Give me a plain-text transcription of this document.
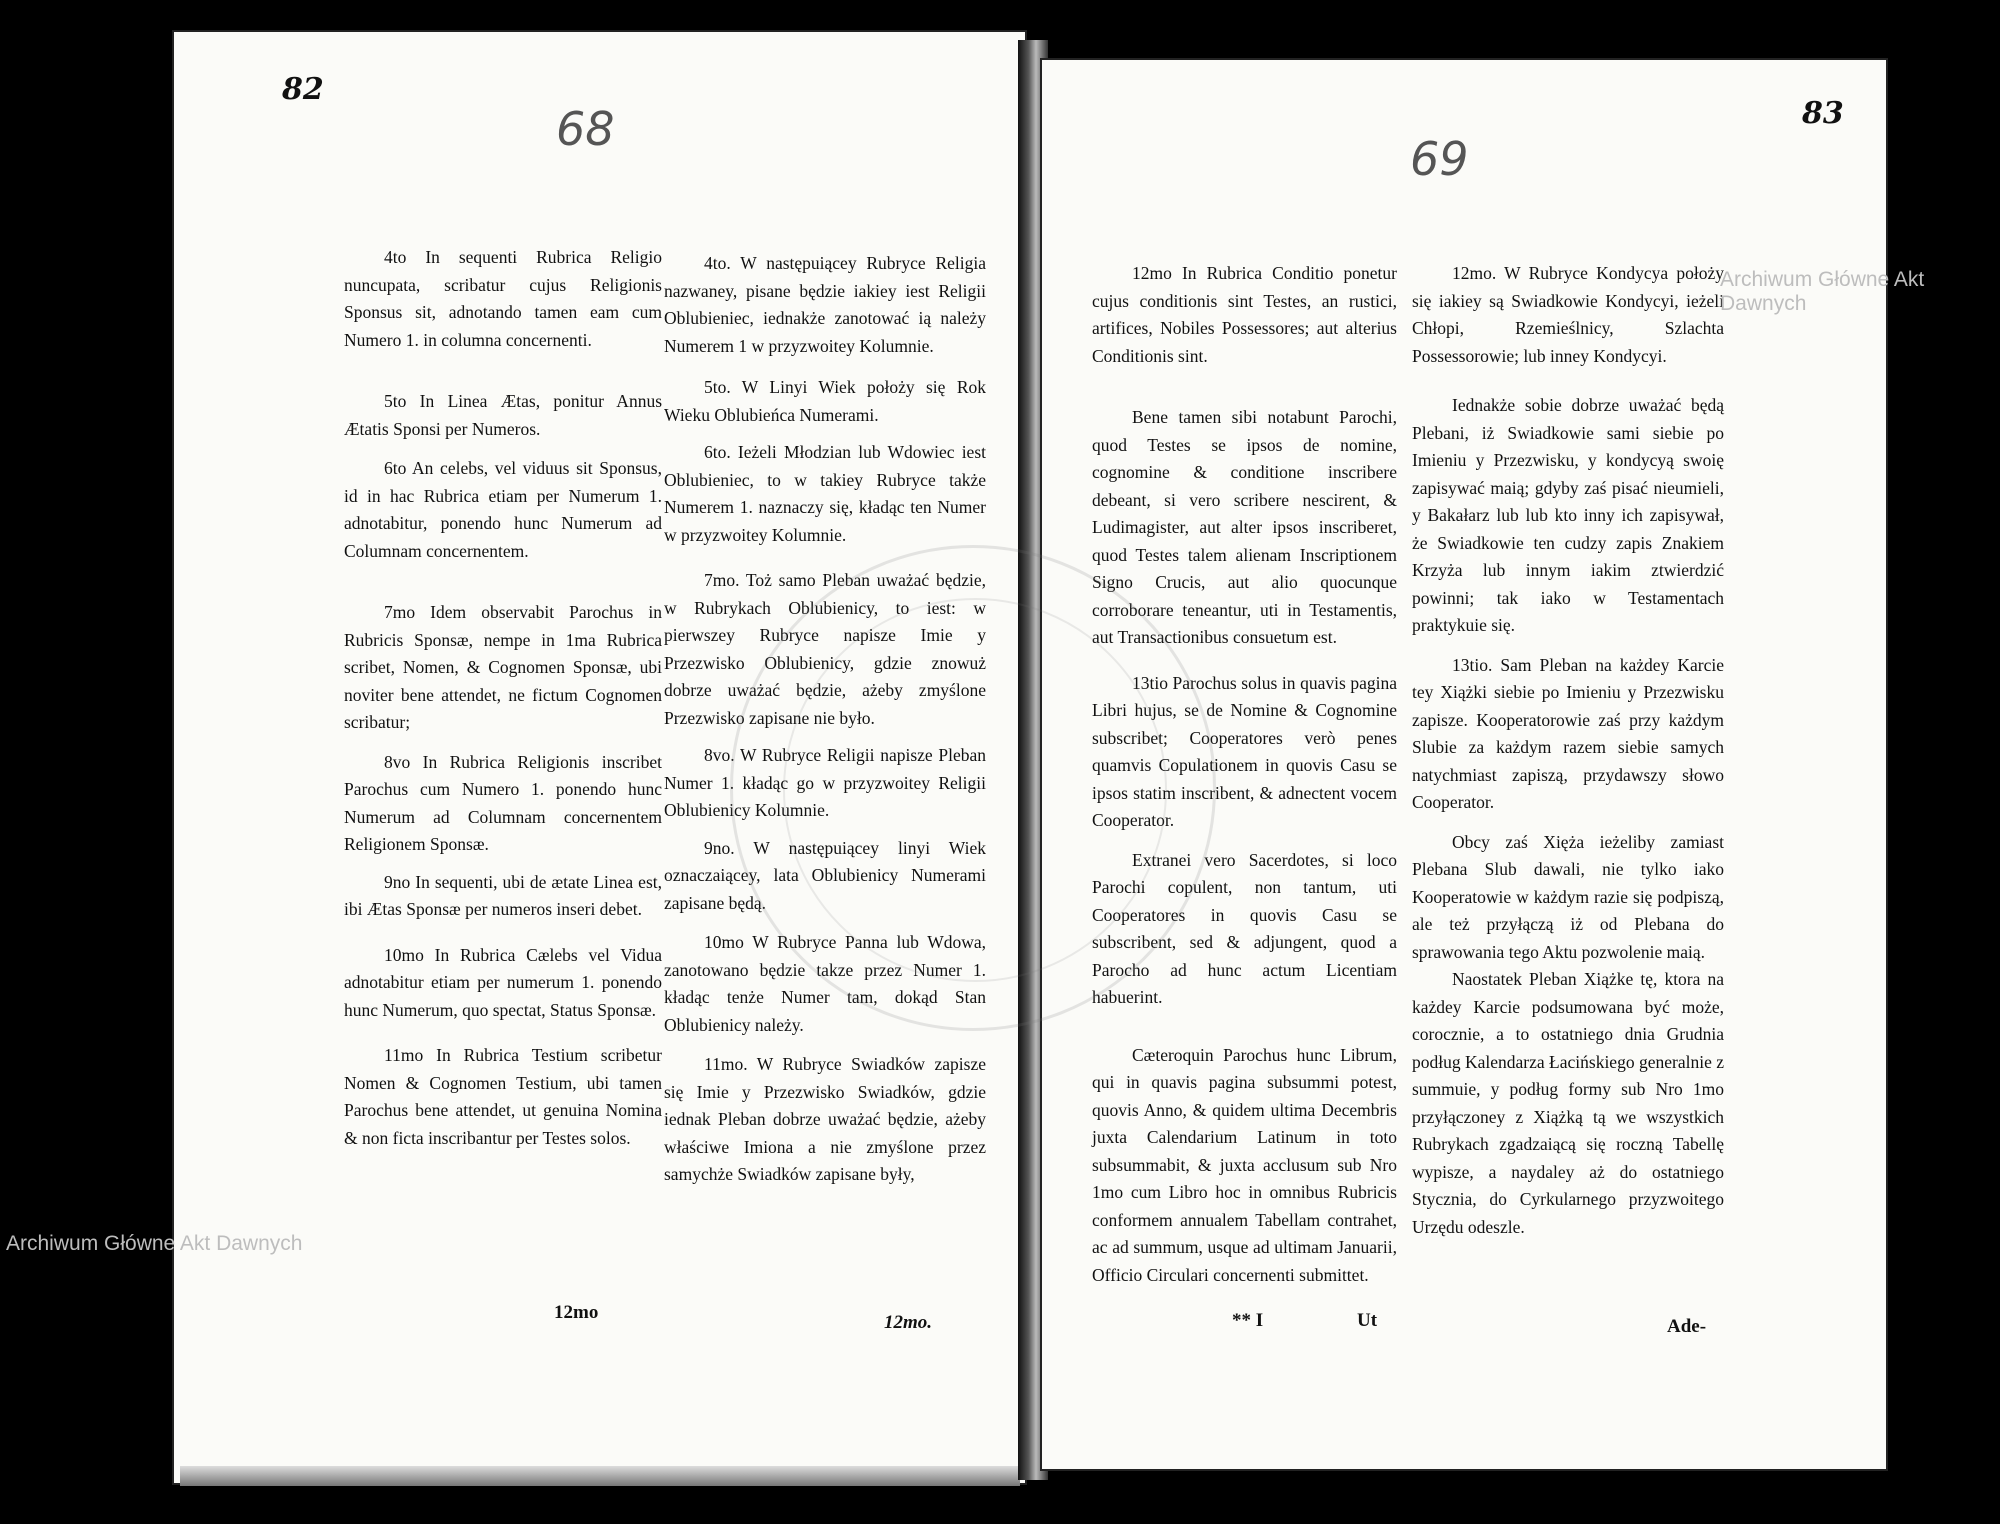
82
68

4to In sequenti Rubrica Religio nuncupata, scribatur cujus Religionis Sponsus sit, adnotando tamen eam cum Numero 1. in columna concernenti.

5to In Linea Ætas, ponitur Annus Ætatis Sponsi per Numeros.

6to An celebs, vel viduus sit Sponsus, id in hac Rubrica etiam per Numerum 1. adnotabitur, ponendo hunc Numerum ad Columnam concernentem.

7mo Idem observabit Parochus in Rubricis Sponsæ, nempe in 1ma Rubrica scribet, Nomen, & Cognomen Sponsæ, ubi noviter bene attendet, ne fictum Cognomen scribatur;

8vo In Rubrica Religionis inscribet Parochus cum Numero 1. ponendo hunc Numerum ad Columnam concernentem Religionem Sponsæ.

9no In sequenti, ubi de ætate Linea est, ibi Ætas Sponsæ per numeros inseri debet.

10mo In Rubrica Cælebs vel Vidua adnotabitur etiam per numerum 1. ponendo hunc Numerum, quo spectat, Status Sponsæ.

11mo In Rubrica Testium scribetur Nomen & Cognomen Testium, ubi tamen Parochus bene attendet, ut genuina Nomina & non ficta inscribantur per Testes solos.

4to. W następuiącey Rubryce Religia nazwaney, pisane będzie iakiey iest Religii Oblubieniec, iednakże zanotować ią należy Numerem 1 w przyzwoitey Kolumnie.

5to. W Linyi Wiek położy się Rok Wieku Oblubieńca Numerami.

6to. Ieżeli Młodzian lub Wdowiec iest Oblubieniec, to w takiey Rubryce także Numerem 1. naznaczy się, kładąc ten Numer w przyzwoitey Kolumnie.

7mo. Toż samo Pleban uważać będzie, w Rubrykach Oblubienicy, to iest: w pierwszey Rubryce napisze Imie y Przezwisko Oblubienicy, gdzie znowuż dobrze uważać będzie, ażeby zmyślone Przezwisko zapisane nie było.

8vo. W Rubryce Religii napisze Pleban Numer 1. kładąc go w przyzwoitey Religii Oblubienicy Kolumnie.

9no. W następuiącey linyi Wiek oznaczaiącey, lata Oblubienicy Numerami zapisane będą.

10mo W Rubryce Panna lub Wdowa, zanotowano będzie takze przez Numer 1. kładąc tenże Numer tam, dokąd Stan Oblubienicy należy.

11mo. W Rubryce Swiadków zapisze się Imie y Przezwisko Swiadków, gdzie iednak Pleban dobrze uważać będzie, ażeby właściwe Imiona a nie zmyślone przez samychże Swiadków zapisane były,

12mo	12mo.
83
69

12mo In Rubrica Conditio ponetur cujus conditionis sint Testes, an rustici, artifices, Nobiles Possessores; aut alterius Conditionis sint.

Bene tamen sibi notabunt Parochi, quod Testes se ipsos de nomine, cognomine & conditione inscribere debeant, si vero scribere nescirent, & Ludimagister, aut alter ipsos inscriberet, quod Testes talem alienam Inscriptionem Signo Crucis, aut alio quocunque corroborare teneantur, uti in Testamentis, aut Transactionibus consuetum est.

13tio Parochus solus in quavis pagina Libri hujus, se de Nomine & Cognomine subscribet; Cooperatores verò penes quamvis Copulationem in quovis Casu se ipsos statim inscribent, & adnectent vocem Cooperator.

Extranei vero Sacerdotes, si loco Parochi copulent, non tantum, uti Cooperatores in quovis Casu se subscribent, sed & adjungent, quod a Parocho ad hunc actum Licentiam habuerint.

Cæteroquin Parochus hunc Librum, qui in quavis pagina subsummi potest, quovis Anno, & quidem ultima Decembris juxta Calendarium Latinum in toto subsummabit, & juxta acclusum sub Nro 1mo cum Libro hoc in omnibus Rubricis conformem annualem Tabellam contrahet, ac ad summum, usque ad ultimam Januarii, Officio Circulari concernenti submittet.

12mo. W Rubryce Kondycya położy się iakiey są Swiadkowie Kondycyi, ieżeli Chłopi, Rzemieślnicy, Szlachta Possessorowie; lub inney Kondycyi.

Iednakże sobie dobrze uważać będą Plebani, iż Swiadkowie sami siebie po Imieniu y Przezwisku, y kondycyą swoię zapisywać maią; gdyby zaś pisać nieumieli, y Bakałarz lub lub kto inny ich zapisywał, że Swiadkowie ten cudzy zapis Znakiem Krzyża lub innym iakim ztwierdzić powinni; tak iako w Testamentach praktykuie się.

13tio. Sam Pleban na każdey Karcie tey Xiążki siebie po Imieniu y Przezwisku zapisze. Kooperatorowie zaś przy każdym Slubie za każdym razem siebie samych natychmiast zapiszą, przydawszy słowo Cooperator.

Obcy zaś Xięża ieżeliby zamiast Plebana Slub dawali, nie tylko iako Kooperatowie w każdym razie się podpiszą, ale też przyłączą iż od Plebana do sprawowania tego Aktu pozwolenie maią.

Naostatek Pleban Xiążke tę, ktora na każdey Karcie podsumowana być może, corocznie, a to ostatniego dnia Grudnia podług Kalendarza Łacińskiego generalnie z summuie, y podług formy sub Nro 1mo przyłączoney z Xiążką tą we wszystkich Rubrykach zgadzaiącą się roczną Tabellę wypisze, a naydaley aż do ostatniego Stycznia, do Cyrkularnego przyzwoitego Urzędu odeszle.

** I	Ut	Ade-
Archiwum Główne Akt Dawnych
Archiwum Główne Akt Dawnych
